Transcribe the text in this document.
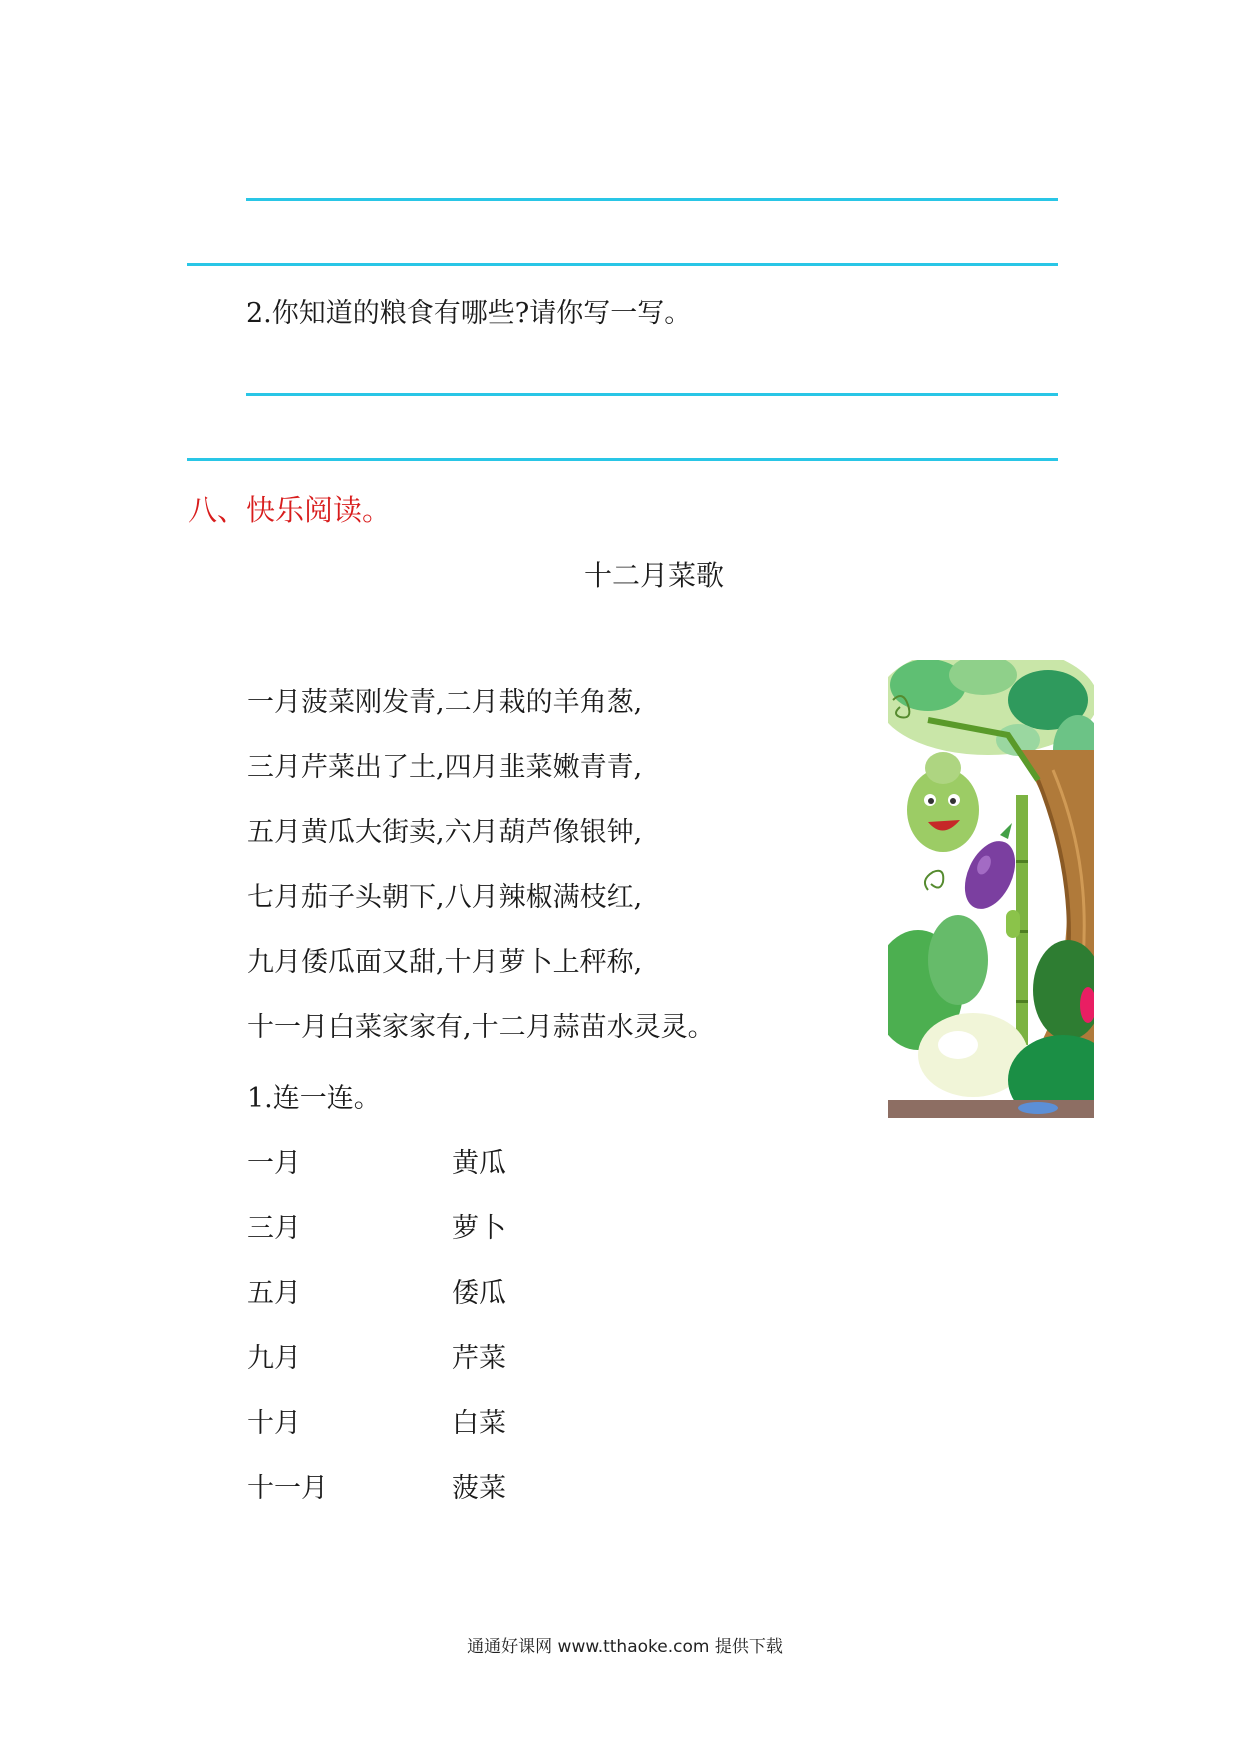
2.你知道的粮食有哪些?请你写一写。
八、快乐阅读。
十二月菜歌
一月菠菜刚发青,二月栽的羊角葱,
三月芹菜出了土,四月韭菜嫩青青,
五月黄瓜大街卖,六月葫芦像银钟,
七月茄子头朝下,八月辣椒满枝红,
九月倭瓜面又甜,十月萝卜上秤称,
十一月白菜家家有,十二月蒜苗水灵灵。
1.连一连。
一月	黄瓜
三月	萝卜
五月	倭瓜
九月	芹菜
十月	白菜
十一月	菠菜
通通好课网 www.tthaoke.com 提供下载
